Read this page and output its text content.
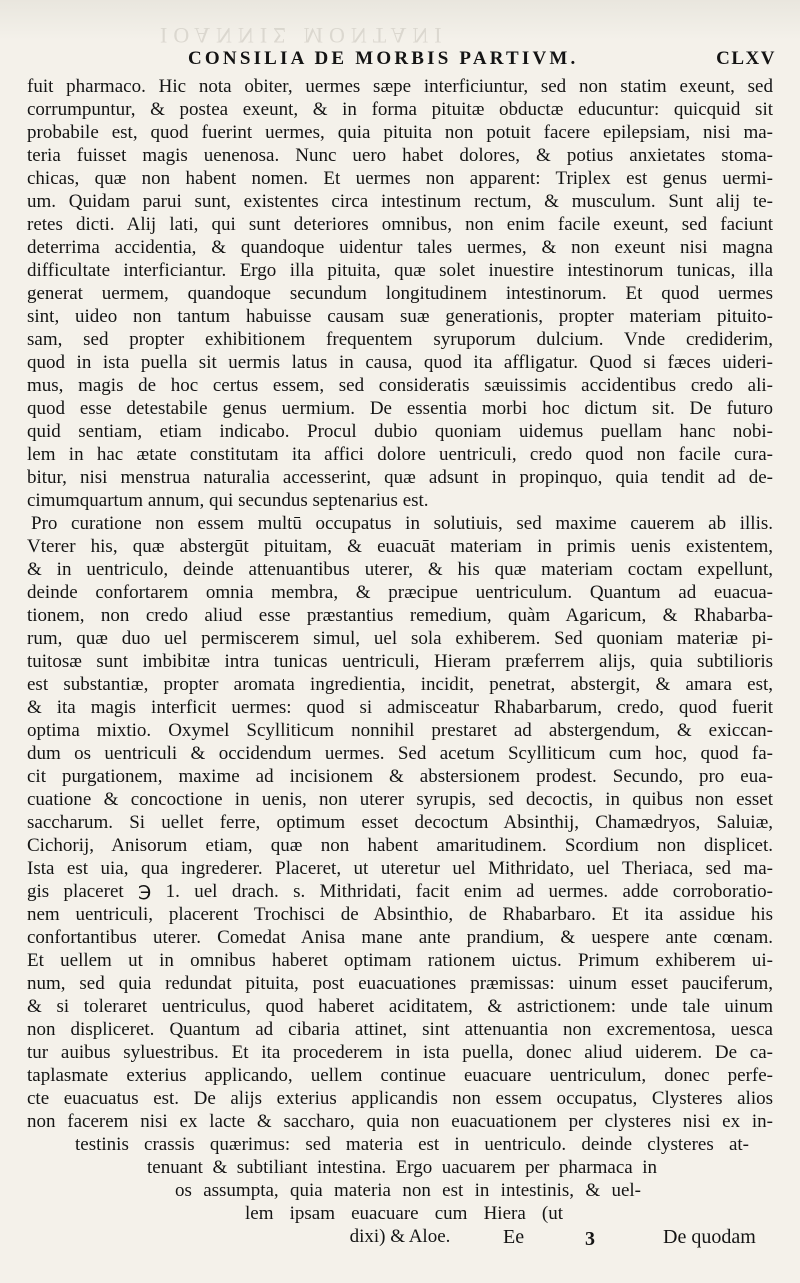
ΙΟΑΝΝΙΣ ΜΟΝΤΑΝΙ
CONSILIA DE MORBIS PARTIVM.	CLXV
fuit pharmaco. Hic nota obiter, uermes sæpe interficiuntur, sed non statim exeunt, sed
corrumpuntur, & postea exeunt, & in forma pituitæ obductæ educuntur: quicquid sit
probabile est, quod fuerint uermes, quia pituita non potuit facere epilepsiam, nisi ma-
teria fuisset magis uenenosa. Nunc uero habet dolores, & potius anxietates stoma-
chicas, quæ non habent nomen. Et uermes non apparent: Triplex est genus uermi-
um. Quidam parui sunt, existentes circa intestinum rectum, & musculum. Sunt alij te-
retes dicti. Alij lati, qui sunt deteriores omnibus, non enim facile exeunt, sed faciunt
deterrima accidentia, & quandoque uidentur tales uermes, & non exeunt nisi magna
difficultate interficiantur. Ergo illa pituita, quæ solet inuestire intestinorum tunicas, illa
generat uermem, quandoque secundum longitudinem intestinorum. Et quod uermes
sint, uideo non tantum habuisse causam suæ generationis, propter materiam pituito-
sam, sed propter exhibitionem frequentem syruporum dulcium. Vnde crediderim,
quod in ista puella sit uermis latus in causa, quod ita affligatur. Quod si fæces uideri-
mus, magis de hoc certus essem, sed consideratis sæuissimis accidentibus credo ali-
quod esse detestabile genus uermium. De essentia morbi hoc dictum sit. De futuro
quid sentiam, etiam indicabo. Procul dubio quoniam uidemus puellam hanc nobi-
lem in hac ætate constitutam ita affici dolore uentriculi, credo quod non facile cura-
bitur, nisi menstrua naturalia accesserint, quæ adsunt in propinquo, quia tendit ad de-
cimumquartum annum, qui secundus septenarius est.
Pro curatione non essem multū occupatus in solutiuis, sed maxime cauerem ab illis.
Vterer his, quæ abstergūt pituitam, & euacuāt materiam in primis uenis existentem,
& in uentriculo, deinde attenuantibus uterer, & his quæ materiam coctam expellunt,
deinde confortarem omnia membra, & præcipue uentriculum. Quantum ad euacua-
tionem, non credo aliud esse præstantius remedium, quàm Agaricum, & Rhabarba-
rum, quæ duo uel permiscerem simul, uel sola exhiberem. Sed quoniam materiæ pi-
tuitosæ sunt imbibitæ intra tunicas uentriculi, Hieram præferrem alijs, quia subtilioris
est substantiæ, propter aromata ingredientia, incidit, penetrat, abstergit, & amara est,
& ita magis interficit uermes: quod si admisceatur Rhabarbarum, credo, quod fuerit
optima mixtio. Oxymel Scylliticum nonnihil prestaret ad abstergendum, & exiccan-
dum os uentriculi & occidendum uermes. Sed acetum Scylliticum cum hoc, quod fa-
cit purgationem, maxime ad incisionem & abstersionem prodest. Secundo, pro eua-
cuatione & concoctione in uenis, non uterer syrupis, sed decoctis, in quibus non esset
saccharum. Si uellet ferre, optimum esset decoctum Absinthij, Chamædryos, Saluiæ,
Cichorij, Anisorum etiam, quæ non habent amaritudinem. Scordium non displicet.
Ista est uia, qua ingrederer. Placeret, ut uteretur uel Mithridato, uel Theriaca, sed ma-
gis placeret ℈ 1. uel drach. s. Mithridati, facit enim ad uermes. adde corroboratio-
nem uentriculi, placerent Trochisci de Absinthio, de Rhabarbaro. Et ita assidue his
confortantibus uterer. Comedat Anisa mane ante prandium, & uespere ante cœnam.
Et uellem ut in omnibus haberet optimam rationem uictus. Primum exhiberem ui-
num, sed quia redundat pituita, post euacuationes præmissas: uinum esset pauciferum,
& si toleraret uentriculus, quod haberet aciditatem, & astrictionem: unde tale uinum
non displiceret. Quantum ad cibaria attinet, sint attenuantia non excrementosa, uesca
tur auibus syluestribus. Et ita procederem in ista puella, donec aliud uiderem. De ca-
taplasmate exterius applicando, uellem continue euacuare uentriculum, donec perfe-
cte euacuatus est. De alijs exterius applicandis non essem occupatus, Clysteres alios
non facerem nisi ex lacte & saccharo, quia non euacuationem per clysteres nisi ex in-
testinis crassis quærimus: sed materia est in uentriculo. deinde clysteres at-
tenuant & subtiliant intestina. Ergo uacuarem per pharmaca in
os assumpta, quia materia non est in intestinis, & uel-
lem ipsam euacuare cum Hiera (ut
dixi) & Aloe.	Ee	3	De quodam
